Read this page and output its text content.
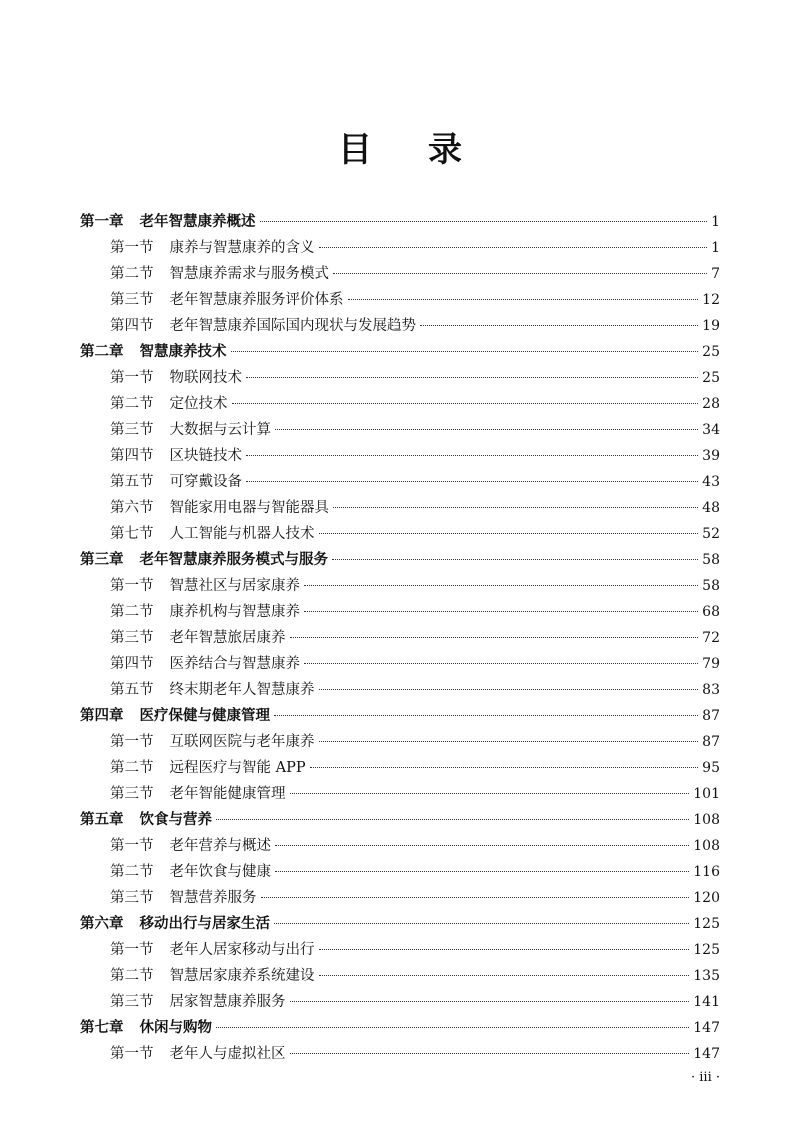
目 录
第一章 老年智慧康养概述	1
第一节 康养与智慧康养的含义	1
第二节 智慧康养需求与服务模式	7
第三节 老年智慧康养服务评价体系	12
第四节 老年智慧康养国际国内现状与发展趋势	19
第二章 智慧康养技术	25
第一节 物联网技术	25
第二节 定位技术	28
第三节 大数据与云计算	34
第四节 区块链技术	39
第五节 可穿戴设备	43
第六节 智能家用电器与智能器具	48
第七节 人工智能与机器人技术	52
第三章 老年智慧康养服务模式与服务	58
第一节 智慧社区与居家康养	58
第二节 康养机构与智慧康养	68
第三节 老年智慧旅居康养	72
第四节 医养结合与智慧康养	79
第五节 终末期老年人智慧康养	83
第四章 医疗保健与健康管理	87
第一节 互联网医院与老年康养	87
第二节 远程医疗与智能 APP	95
第三节 老年智能健康管理	101
第五章 饮食与营养	108
第一节 老年营养与概述	108
第二节 老年饮食与健康	116
第三节 智慧营养服务	120
第六章 移动出行与居家生活	125
第一节 老年人居家移动与出行	125
第二节 智慧居家康养系统建设	135
第三节 居家智慧康养服务	141
第七章 休闲与购物	147
第一节 老年人与虚拟社区	147
· iii ·
